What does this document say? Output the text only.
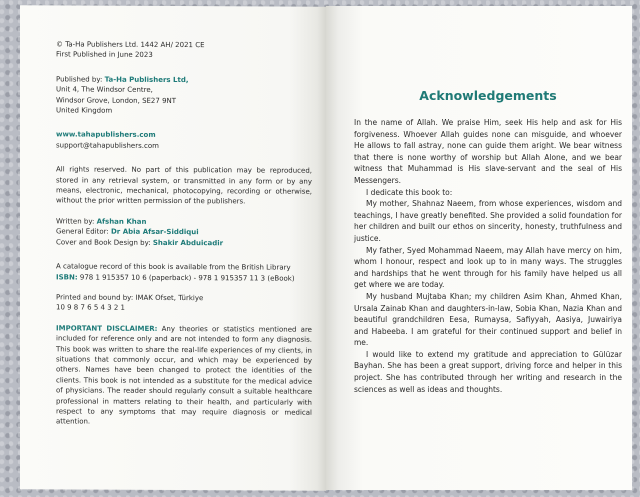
© Ta-Ha Publishers Ltd. 1442 AH/ 2021 CE

First Published in June 2023

Published by: Ta-Ha Publishers Ltd,

Unit 4, The Windsor Centre,

Windsor Grove, London, SE27 9NT

United Kingdom

www.tahapublishers.com

support@tahapublishers.com

All rights reserved. No part of this publication may be reproduced, stored in any retrieval system, or transmitted in any form or by any means, electronic, mechanical, photocopying, recording or otherwise, without the prior written permission of the publishers.

Written by: Afshan Khan

General Editor: Dr Abia Afsar-Siddiqui

Cover and Book Design by: Shakir Abduicadir

A catalogue record of this book is available from the British Library

ISBN: 978 1 915357 10 6 (paperback) - 978 1 915357 11 3 (eBook)

Printed and bound by: IMAK Ofset, Türkiye

10 9 8 7 6 5 4 3 2 1

IMPORTANT DISCLAIMER: Any theories or statistics mentioned are included for reference only and are not intended to form any diagnosis. This book was written to share the real-life experiences of my clients, in situations that commonly occur, and which may be experienced by others. Names have been changed to protect the identities of the clients. This book is not intended as a substitute for the medical advice of physicians. The reader should regularly consult a suitable healthcare professional in matters relating to their health, and particularly with respect to any symptoms that may require diagnosis or medical attention.

Acknowledgements

In the name of Allah. We praise Him, seek His help and ask for His forgiveness. Whoever Allah guides none can misguide, and whoever He allows to fall astray, none can guide them aright. We bear witness that there is none worthy of worship but Allah Alone, and we bear witness that Muhammad is His slave-servant and the seal of His Messengers.

I dedicate this book to:

My mother, Shahnaz Naeem, from whose experiences, wisdom and teachings, I have greatly benefited. She provided a solid foundation for her children and built our ethos on sincerity, honesty, truthfulness and justice.

My father, Syed Mohammad Naeem, may Allah have mercy on him, whom I honour, respect and look up to in many ways. The struggles and hardships that he went through for his family have helped us all get where we are today.

My husband Mujtaba Khan; my children Asim Khan, Ahmed Khan, Ursala Zainab Khan and daughters-in-law, Sobia Khan, Nazia Khan and beautiful grandchildren Eesa, Rumaysa, Safiyyah, Aasiya, Juwairiya and Habeeba. I am grateful for their continued support and belief in me.

I would like to extend my gratitude and appreciation to Gülüzar Bayhan. She has been a great support, driving force and helper in this project. She has contributed through her writing and research in the sciences as well as ideas and thoughts.
